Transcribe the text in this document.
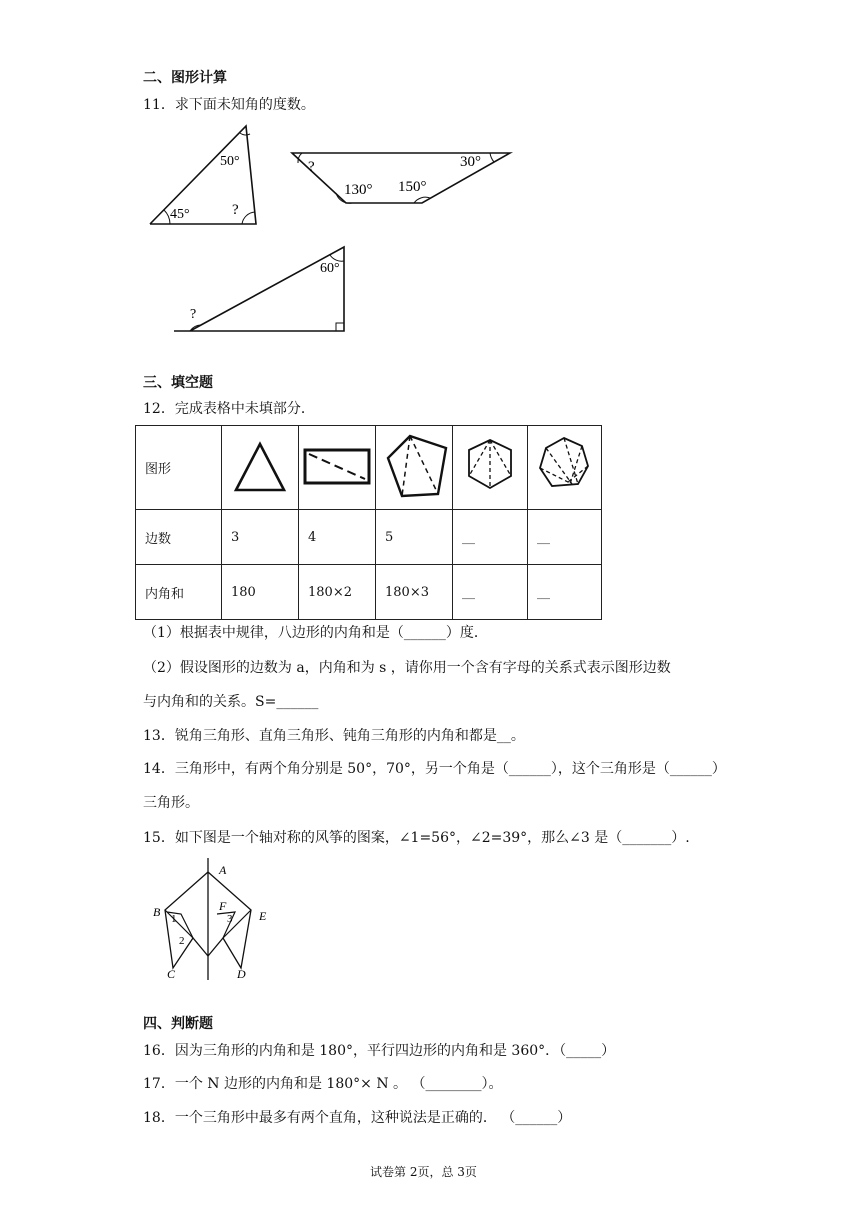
二、图形计算
11．求下面未知角的度数。
50°
45°	?
?	30°
130° 150°
60°
?
三、填空题
12．完成表格中未填部分．
图形					
边数	3	4	5	__	__
内角和	180	180×2	180×3	__	__
（1）根据表中规律，八边形的内角和是（______）度．
（2）假设图形的边数为 a，内角和为 s ，请你用一个含有字母的关系式表示图形边数
与内角和的关系。S=______
13．锐角三角形、直角三角形、钝角三角形的内角和都是__。
14．三角形中，有两个角分别是 50°，70°，另一个角是（______），这个三角形是（______）
三角形。
15．如下图是一个轴对称的风筝的图案，∠1=56°，∠2=39°，那么∠3 是（_______）.
A
B
C	D
E
F
1
2
3
四、判断题
16．因为三角形的内角和是 180°，平行四边形的内角和是 360°．（_____）
17．一个 N 边形的内角和是 180°× N 。 （________）。
18．一个三角形中最多有两个直角，这种说法是正确的． （______）
试卷第 2页，总 3页
